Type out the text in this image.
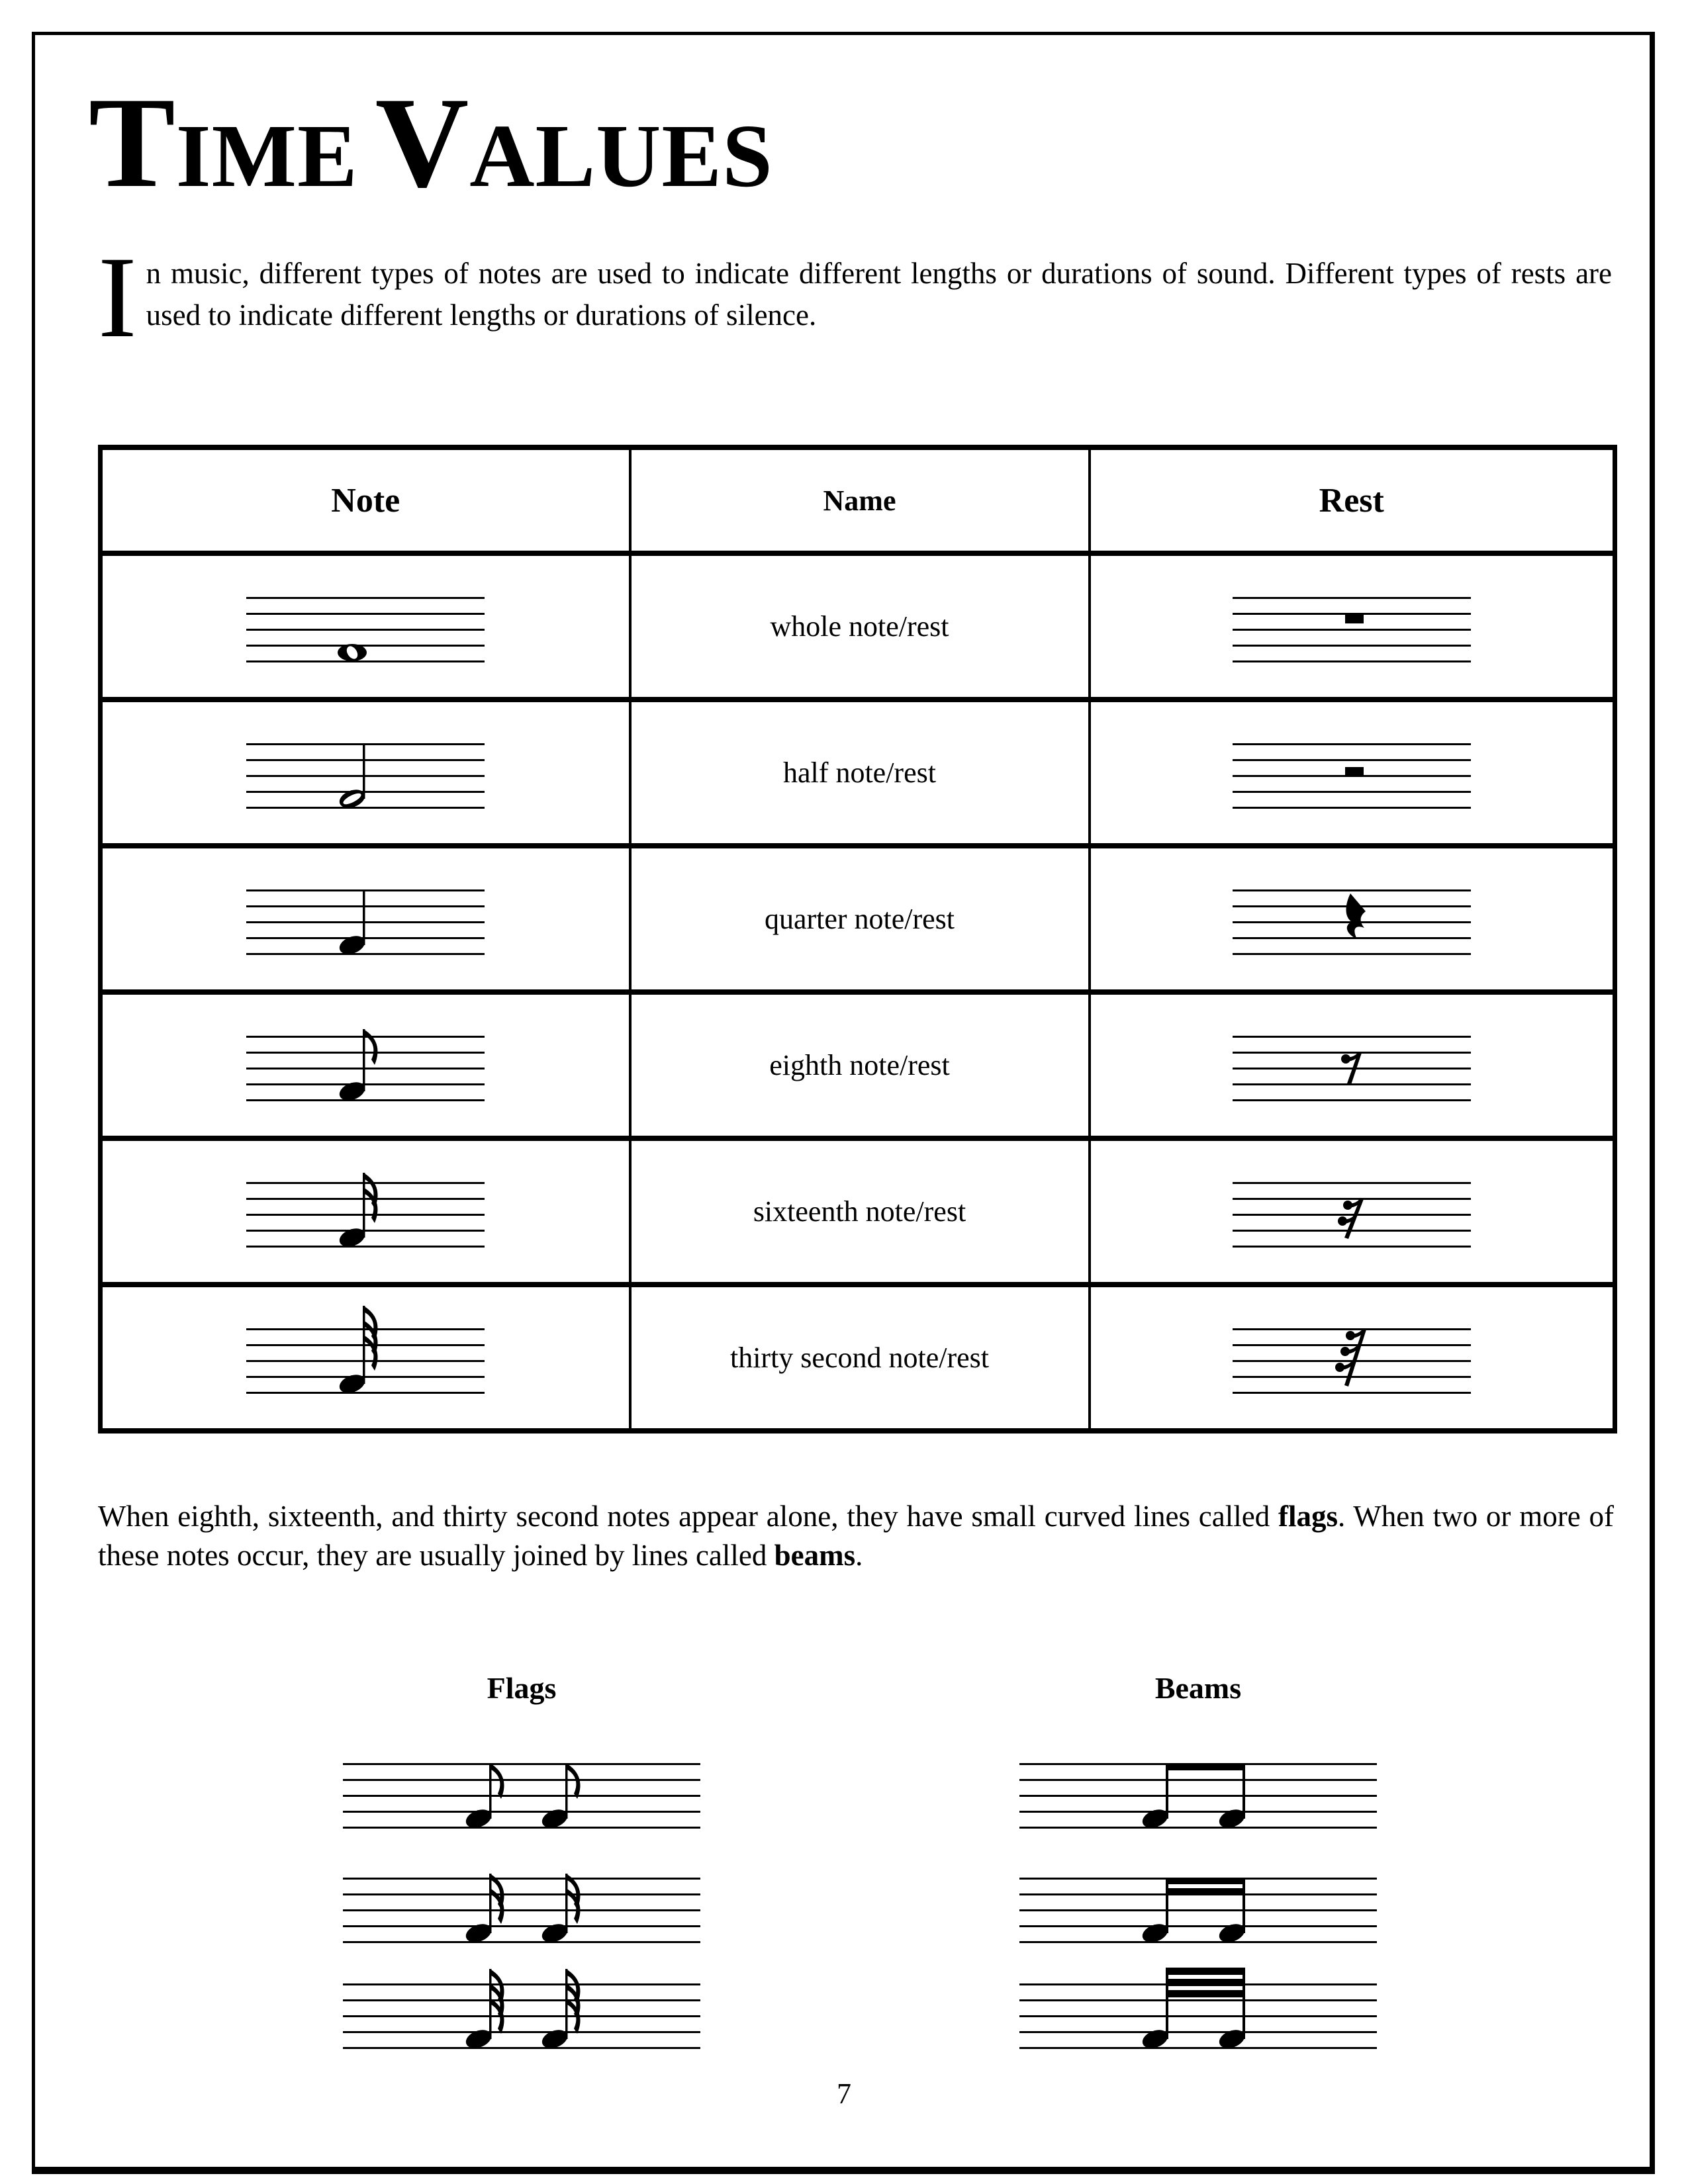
TIME VALUES

In music, different types of notes are used to indicate different lengths or durations of sound. Different types of rests are used to indicate different lengths or durations of silence.

Note	Name	Rest

	whole note/rest	

	half note/rest	

	quarter note/rest	

	eighth note/rest	

	sixteenth note/rest	

	thirty second note/rest	

When eighth, sixteenth, and thirty second notes appear alone, they have small curved lines called flags. When two or more of these notes occur, they are usually joined by lines called beams.

Flags	Beams
7
